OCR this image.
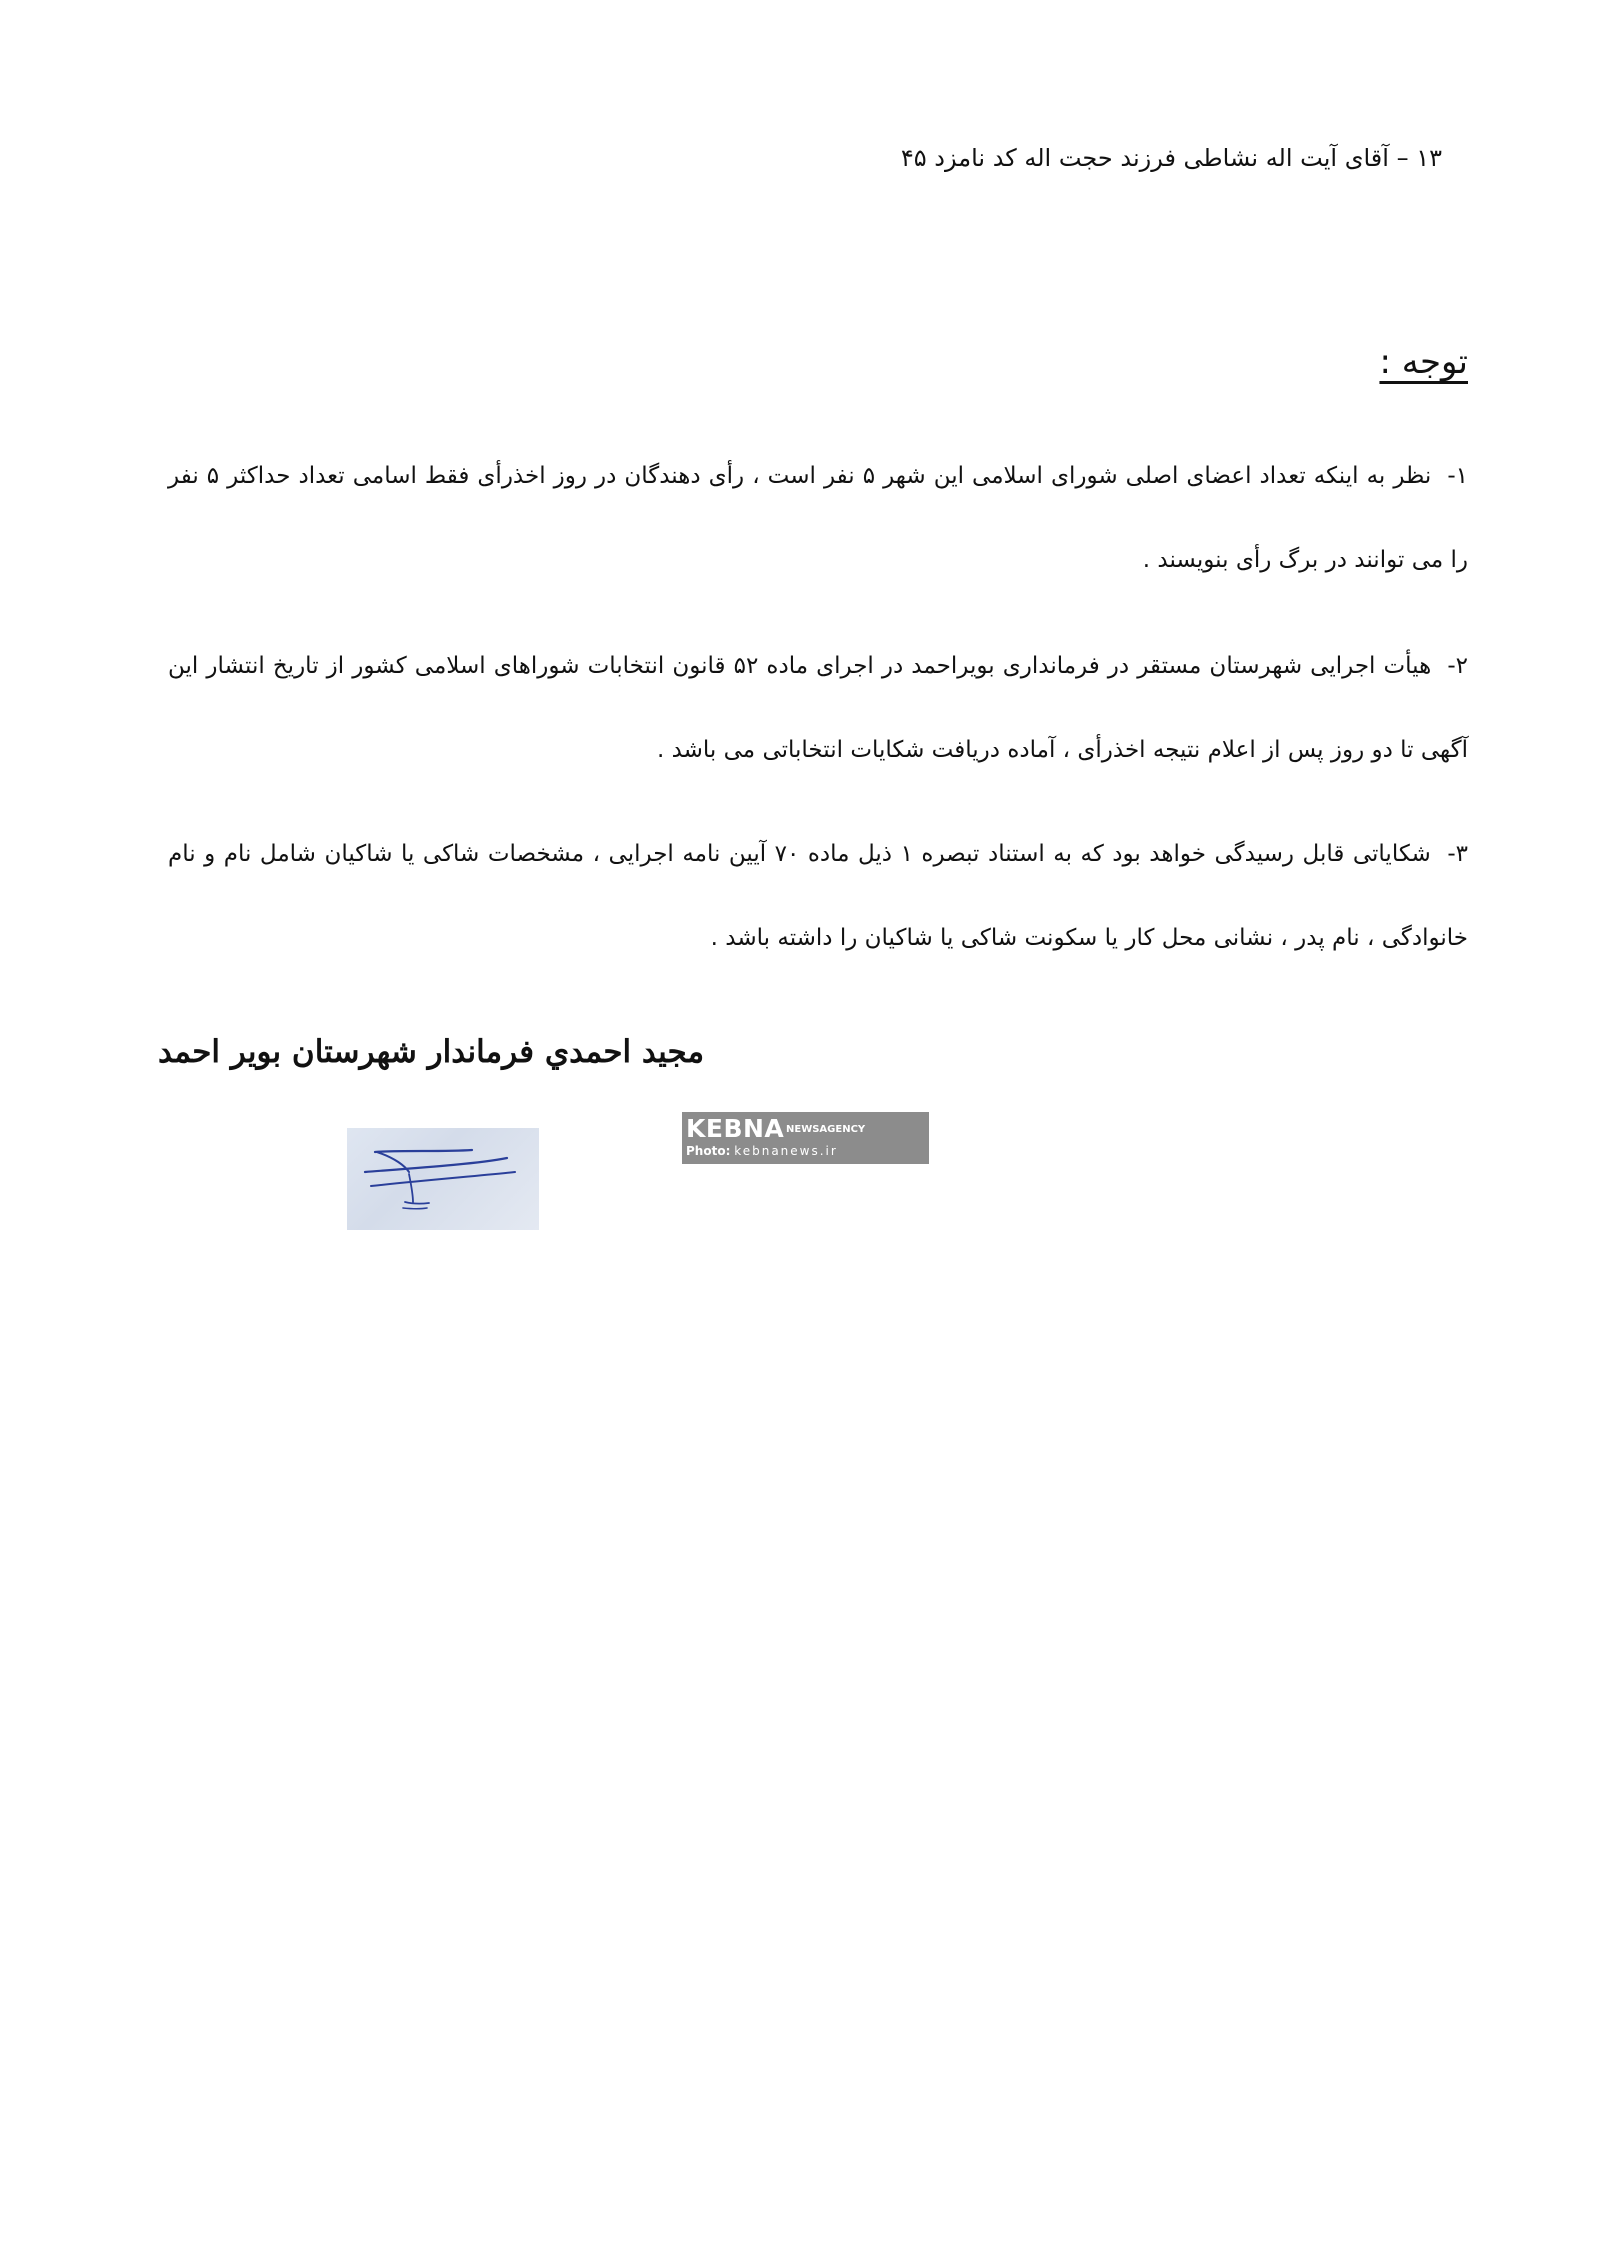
۱۳ – آقای آیت اله نشاطی فرزند حجت اله کد نامزد ۴۵
توجه :
۱- نظر به اینکه تعداد اعضای اصلی شورای اسلامی این شهر ۵ نفر است ، رأی دهندگان در روز اخذرأی فقط اسامی تعداد حداکثر ۵ نفر را می توانند در برگ رأی بنویسند .
۲- هیأت اجرایی شهرستان مستقر در فرمانداری بویراحمد در اجرای ماده ۵۲ قانون انتخابات شوراهای اسلامی کشور از تاریخ انتشار این آگهی تا دو روز پس از اعلام نتیجه اخذرأی ، آماده دریافت شکایات انتخاباتی می باشد .
۳- شکایاتی قابل رسیدگی خواهد بود که به استناد تبصره ۱ ذیل ماده ۷۰ آیین نامه اجرایی ، مشخصات شاکی یا شاکیان شامل نام و نام خانوادگی ، نام پدر ، نشانی محل کار یا سکونت شاکی یا شاکیان را داشته باشد .
مجيد احمدي فرماندار شهرستان بوير احمد
KEBNA NEWSAGENCY
Photo: kebnanews.ir
